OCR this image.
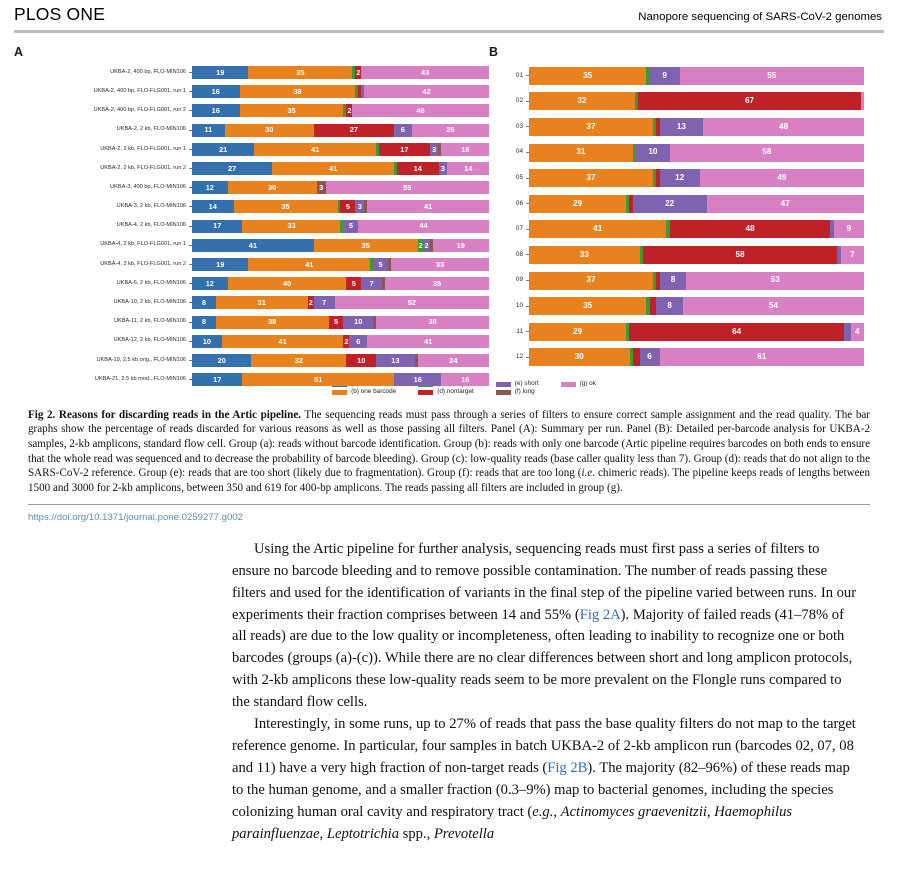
PLOS ONE	Nanopore sequencing of SARS-CoV-2 genomes
A
UKBA-2, 400 bp, FLO-MIN106	19	35	2	43
UKBA-2, 400 bp, FLO-FLG001, run 1	16	39	42
UKBA-2, 400 bp, FLO-FLG001, run 2	16	35	2	46
UKBA-2, 2 kb, FLO-MIN106	11	30	27	6	26
UKBA-2, 2 kb, FLO-FLG001, run 1	21	41	17	3	16
UKBA-2, 2 kb, FLO-FLG001, run 2	27	41	14	3	14
UKBA-3, 400 bp, FLO-MIN106	12	30	3	55
UKBA-3, 2 kb, FLO-MIN106	14	35	5	3	41
UKBA-4, 2 kb, FLO-MIN106	17	33	5	44
UKBA-4, 2 kb, FLO-FLG001, run 1	41	35	2 2	19
UKBA-4, 2 kb, FLO-FLG001, run 2	19	41	5	33
UKBA-6, 2 kb, FLO-MIN106	12	40	5	7	35
UKBA-10, 2 kb, FLO-MIN106	8	31	2	7	52
UKBA-11, 2 kb, FLO-MIN106	8	38	5	10	38
UKBA-12, 2 kb, FLO-MIN106	10	41	2	6	41
UKBA-19, 2.5 kb orig., FLO-MIN106	20	32	10	13	24
UKBA-21, 2.5 kb mod., FLO-MIN106	17	51	16	16
B
01	35	9	55
02	32	67
03	37	13	48
04	31	10	58
05	37	12	49
06	29	22	47
07	41	48	9
08	33	58	7
09	37	8	53
10	35	8	54
11	29	64	4
12	30	6	61
(b) one barcode	(d) nontarget
(e) short
(f) long
(g) ok
Fig 2. Reasons for discarding reads in the Artic pipeline. The sequencing reads must pass through a series of filters to ensure correct sample assignment and the read quality. The bar graphs show the percentage of reads discarded for various reasons as well as those passing all filters. Panel (A): Summary per run. Panel (B): Detailed per-barcode analysis for UKBA-2 samples, 2-kb amplicons, standard flow cell. Group (a): reads without barcode identification. Group (b): reads with only one barcode (Artic pipeline requires barcodes on both ends to ensure that the whole read was sequenced and to decrease the probability of barcode bleeding). Group (c): low-quality reads (base caller quality less than 7). Group (d): reads that do not align to the SARS-CoV-2 reference. Group (e): reads that are too short (likely due to fragmentation). Group (f): reads that are too long (i.e. chimeric reads). The pipeline keeps reads of lengths between 1500 and 3000 for 2-kb amplicons, between 350 and 619 for 400-bp amplicons. The reads passing all filters are included in group (g).
https://doi.org/10.1371/journal.pone.0259277.g002

Using the Artic pipeline for further analysis, sequencing reads must first pass a series of filters to ensure no barcode bleeding and to remove possible contamination. The number of reads passing these filters and used for the identification of variants in the final step of the pipeline varied between runs. In our experiments their fraction comprises between 14 and 55% (Fig 2A). Majority of failed reads (41–78% of all reads) are due to the low quality or incompleteness, often leading to inability to recognize one or both barcodes (groups (a)-(c)). While there are no clear differences between short and long amplicon protocols, with 2-kb amplicons these low-quality reads seem to be more prevalent on the Flongle runs compared to the standard flow cells.

Interestingly, in some runs, up to 27% of reads that pass the base quality filters do not map to the target reference genome. In particular, four samples in batch UKBA-2 of 2-kb amplicon run (barcodes 02, 07, 08 and 11) have a very high fraction of non-target reads (Fig 2B). The majority (82–96%) of these reads map to the human genome, and a smaller fraction (0.3–9%) map to bacterial genomes, including the species colonizing human oral cavity and respiratory tract (e.g., Actinomyces graevenitzii, Haemophilus parainfluenzae, Leptotrichia spp., Prevotella
